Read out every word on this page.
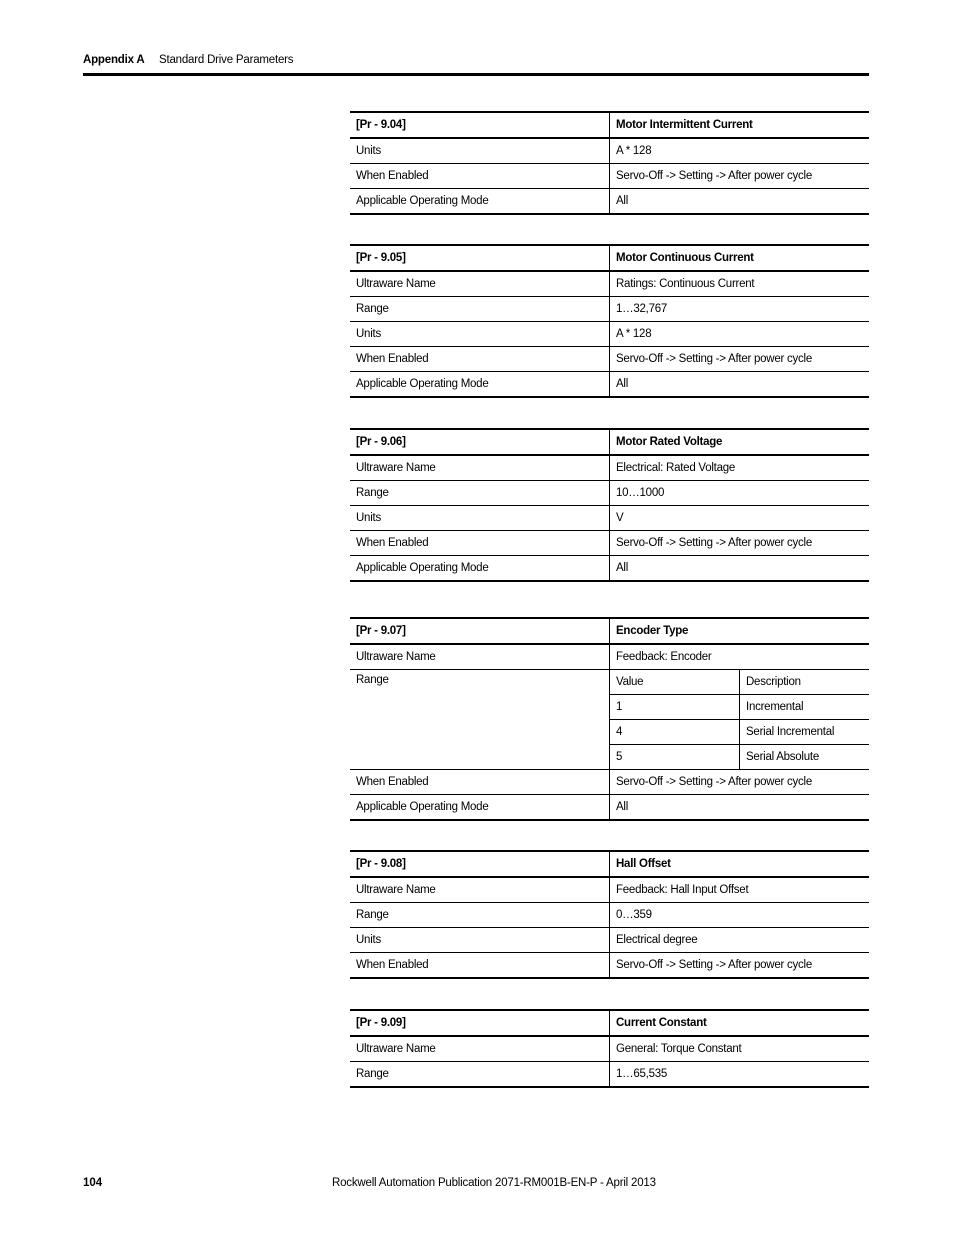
Appendix A Standard Drive Parameters
[Pr - 9.04]	Motor Intermittent Current
Units	A * 128
When Enabled	Servo-Off -> Setting -> After power cycle
Applicable Operating Mode	All
[Pr - 9.05]	Motor Continuous Current
Ultraware Name	Ratings: Continuous Current
Range	1…32,767
Units	A * 128
When Enabled	Servo-Off -> Setting -> After power cycle
Applicable Operating Mode	All
[Pr - 9.06]	Motor Rated Voltage
Ultraware Name	Electrical: Rated Voltage
Range	10…1000
Units	V
When Enabled	Servo-Off -> Setting -> After power cycle
Applicable Operating Mode	All
[Pr - 9.07]	Encoder Type
Ultraware Name	Feedback: Encoder
Range		Value	Description
1	Incremental
4	Serial Incremental
5	Serial Absolute

When Enabled	Servo-Off -> Setting -> After power cycle
Applicable Operating Mode	All
[Pr - 9.08]	Hall Offset
Ultraware Name	Feedback: Hall Input Offset
Range	0…359
Units	Electrical degree
When Enabled	Servo-Off -> Setting -> After power cycle
[Pr - 9.09]	Current Constant
Ultraware Name	General: Torque Constant
Range	1…65,535
104	Rockwell Automation Publication 2071-RM001B-EN-P - April 2013
